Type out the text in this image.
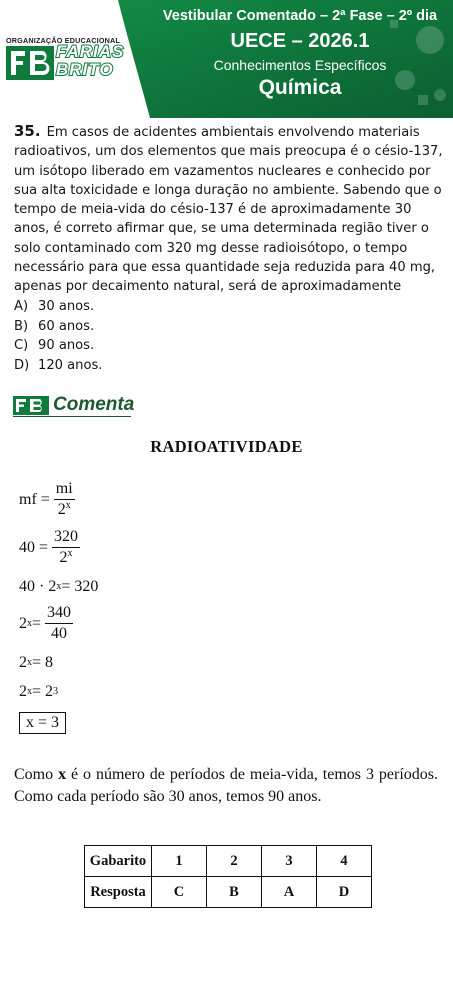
ORGANIZAÇÃO EDUCACIONAL
FARIAS
BRITO
Vestibular Comentado – 2ª Fase – 2º dia
UECE – 2026.1
Conhecimentos Específicos
Química
35. Em casos de acidentes ambientais envolvendo materiais radioativos, um dos elementos que mais preocupa é o césio-137, um isótopo liberado em vazamentos nucleares e conhecido por sua alta toxicidade e longa duração no ambiente. Sabendo que o tempo de meia-vida do césio-137 é de aproximadamente 30 anos, é correto afirmar que, se uma determinada região tiver o solo contaminado com 320 mg desse radioisótopo, o tempo necessário para que essa quantidade seja reduzida para 40 mg, apenas por decaimento natural, será de aproximadamente
A) 30 anos.
B) 60 anos.
C) 90 anos.
D) 120 anos.
Comenta
RADIOATIVIDADE
mf = $\frac{mi}{2^x}$
$40 = \frac{320}{2^x}$
40 · 2 x = 320
2 $x = \frac{340}{40}$
2 x = 8
2 x = 2 3
x = 3
Como x é o número de períodos de meia-vida, temos 3 períodos. Como cada período são 30 anos, temos 90 anos.
Gabarito	1	2	3	4
Resposta	C	B	A	D
